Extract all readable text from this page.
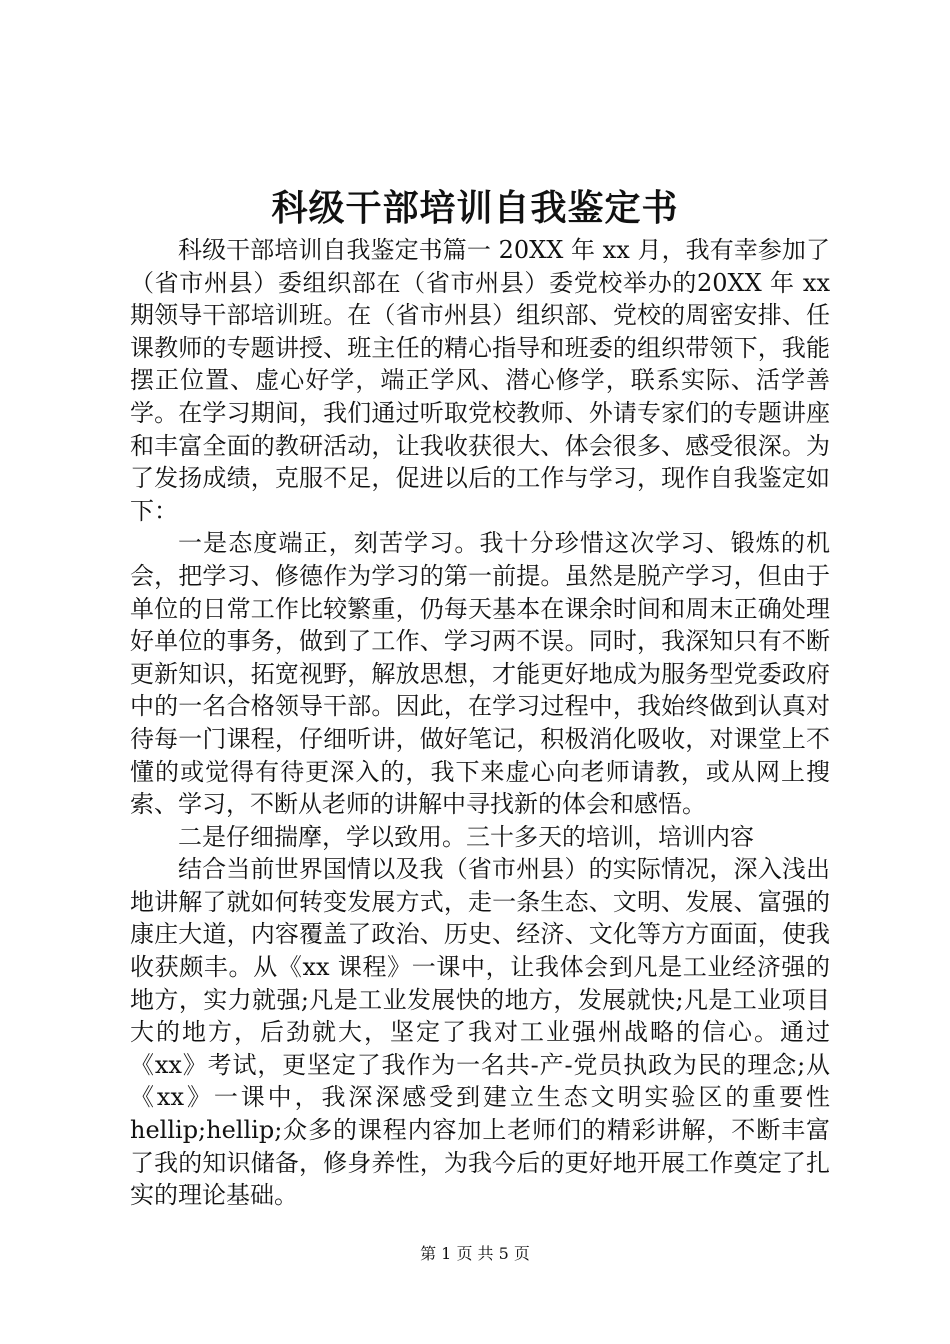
科级干部培训自我鉴定书

科级干部培训自我鉴定书篇一 20XX 年 xx 月，我有幸参加了（省市州县）委组织部在（省市州县）委党校举办的20XX 年 xx 期领导干部培训班。在（省市州县）组织部、党校的周密安排、任课教师的专题讲授、班主任的精心指导和班委的组织带领下，我能摆正位置、虚心好学，端正学风、潜心修学，联系实际、活学善学。在学习期间，我们通过听取党校教师、外请专家们的专题讲座和丰富全面的教研活动，让我收获很大、体会很多、感受很深。为了发扬成绩，克服不足，促进以后的工作与学习，现作自我鉴定如下：

一是态度端正，刻苦学习。我十分珍惜这次学习、锻炼的机会，把学习、修德作为学习的第一前提。虽然是脱产学习，但由于单位的日常工作比较繁重，仍每天基本在课余时间和周末正确处理好单位的事务，做到了工作、学习两不误。同时，我深知只有不断更新知识，拓宽视野，解放思想，才能更好地成为服务型党委政府中的一名合格领导干部。因此，在学习过程中，我始终做到认真对待每一门课程，仔细听讲，做好笔记，积极消化吸收，对课堂上不懂的或觉得有待更深入的，我下来虚心向老师请教，或从网上搜索、学习，不断从老师的讲解中寻找新的体会和感悟。

二是仔细揣摩，学以致用。三十多天的培训，培训内容

结合当前世界国情以及我（省市州县）的实际情况，深入浅出地讲解了就如何转变发展方式，走一条生态、文明、发展、富强的康庄大道，内容覆盖了政治、历史、经济、文化等方方面面，使我收获颇丰。从《xx 课程》一课中，让我体会到凡是工业经济强的地方，实力就强;凡是工业发展快的地方，发展就快;凡是工业项目大的地方，后劲就大，坚定了我对工业强州战略的信心。通过《xx》考试，更坚定了我作为一名共-产-党员执政为民的理念;从《xx》一课中，我深深感受到建立生态文明实验区的重要性 hellip;hellip;众多的课程内容加上老师们的精彩讲解，不断丰富了我的知识储备，修身养性，为我今后的更好地开展工作奠定了扎实的理论基础。

第 1 页 共 5 页
